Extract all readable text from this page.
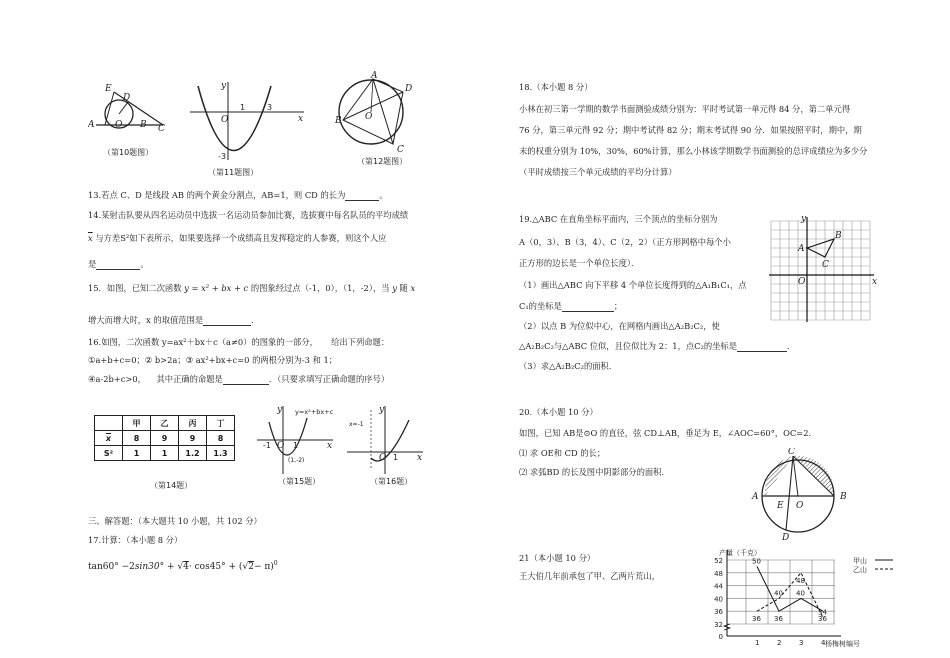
E
D
A O B C
（第10题图）
y
x
1	3
O
-3
（第11题图）
A
D
B	O
C
（第12题图）
13.若点 C、D 是线段 AB 的两个黄金分割点，AB=1，则 CD 的长为	。
14.某射击队要从四名运动员中选拔一名运动员参加比赛，选拔赛中每名队员的平均成绩
$\overline{x}$ 与方差S²如下表所示，如果要选择一个成绩高且发挥稳定的人参赛，则这个人应
是	。
15．如图，已知二次函数 y = x² + bx + c 的图象经过点（-1，0），（1，-2），当 y 随 x
增大而增大时，x 的取值范围是	．
16.如图，二次函数 y=ax²＋bx＋c（a≠0）的图象的一部分， 给出下列命题：
①a+b+c=0；② b>2a；③ ax²+bx+c=0 的两根分别为-3 和 1；
④a-2b+c>0， 其中正确的命题是	．（只要求填写正确命题的序号）
	甲	乙	丙	丁
$\overline{x}$	8	9	9	8
S²	1	1	1.2	1.3
（第14题）
y=x²+bx+c
(1,-2)
y
x
1
O
-1
（第15题）
x=-1
y
x
1
O
（第16题）
三、解答题：（本大题共 10 小题，共 102 分）
17.计算：（本小题 8 分）
$\tan 60^\circ -2\sin 30^\circ + √4\cdot \cos 45^\circ + (√2- \pi)^0$
18.（本小题 8 分）
小林在初三第一学期的数学书面测验成绩分别为：平时考试第一单元得 84 分，第二单元得
76 分，第三单元得 92 分；期中考试得 82 分；期末考试得 90 分．如果按照平时，期中，期
末的权重分别为 10%，30%，60%计算，那么小林该学期数学书面测验的总评成绩应为多少分
（平时成绩按三个单元成绩的平均分计算）
19.△ABC 在直角坐标平面内，三个顶点的坐标分别为
A（0，3）、B（3，4）、C（2，2）（正方形网格中每个小
正方形的边长是一个单位长度）．
（1）画出△ABC 向下平移 4 个单位长度得到的△A₁B₁C₁，点
C₁的坐标是	；
（2）以点 B 为位似中心，在网格内画出△A₂B₂C₂，使
△A₂B₂C₂与△ABC 位似，且位似比为 2：1，点C₂的坐标是	．
（3）求△A₂B₂C₂的面积．
y
x
O
A
B
C
20.（本小题 10 分）
如图，已知 AB是⊙O 的直径，弦 CD⊥AB，垂足为 E，∠AOC=60°，OC=2．
⑴ 求 OE和 CD 的长；
⑵ 求弧BD 的长及图中阴影部分的面积．
C
A	B
E O
D
21（本小题 10 分）
王大伯几年前承包了甲、乙两片荒山，
32
36
40
44
48
52
0
1	2	3	4
产量（千克）
杨梅树编号
50
36
40
36
甲山
36
40
48
34
乙山
